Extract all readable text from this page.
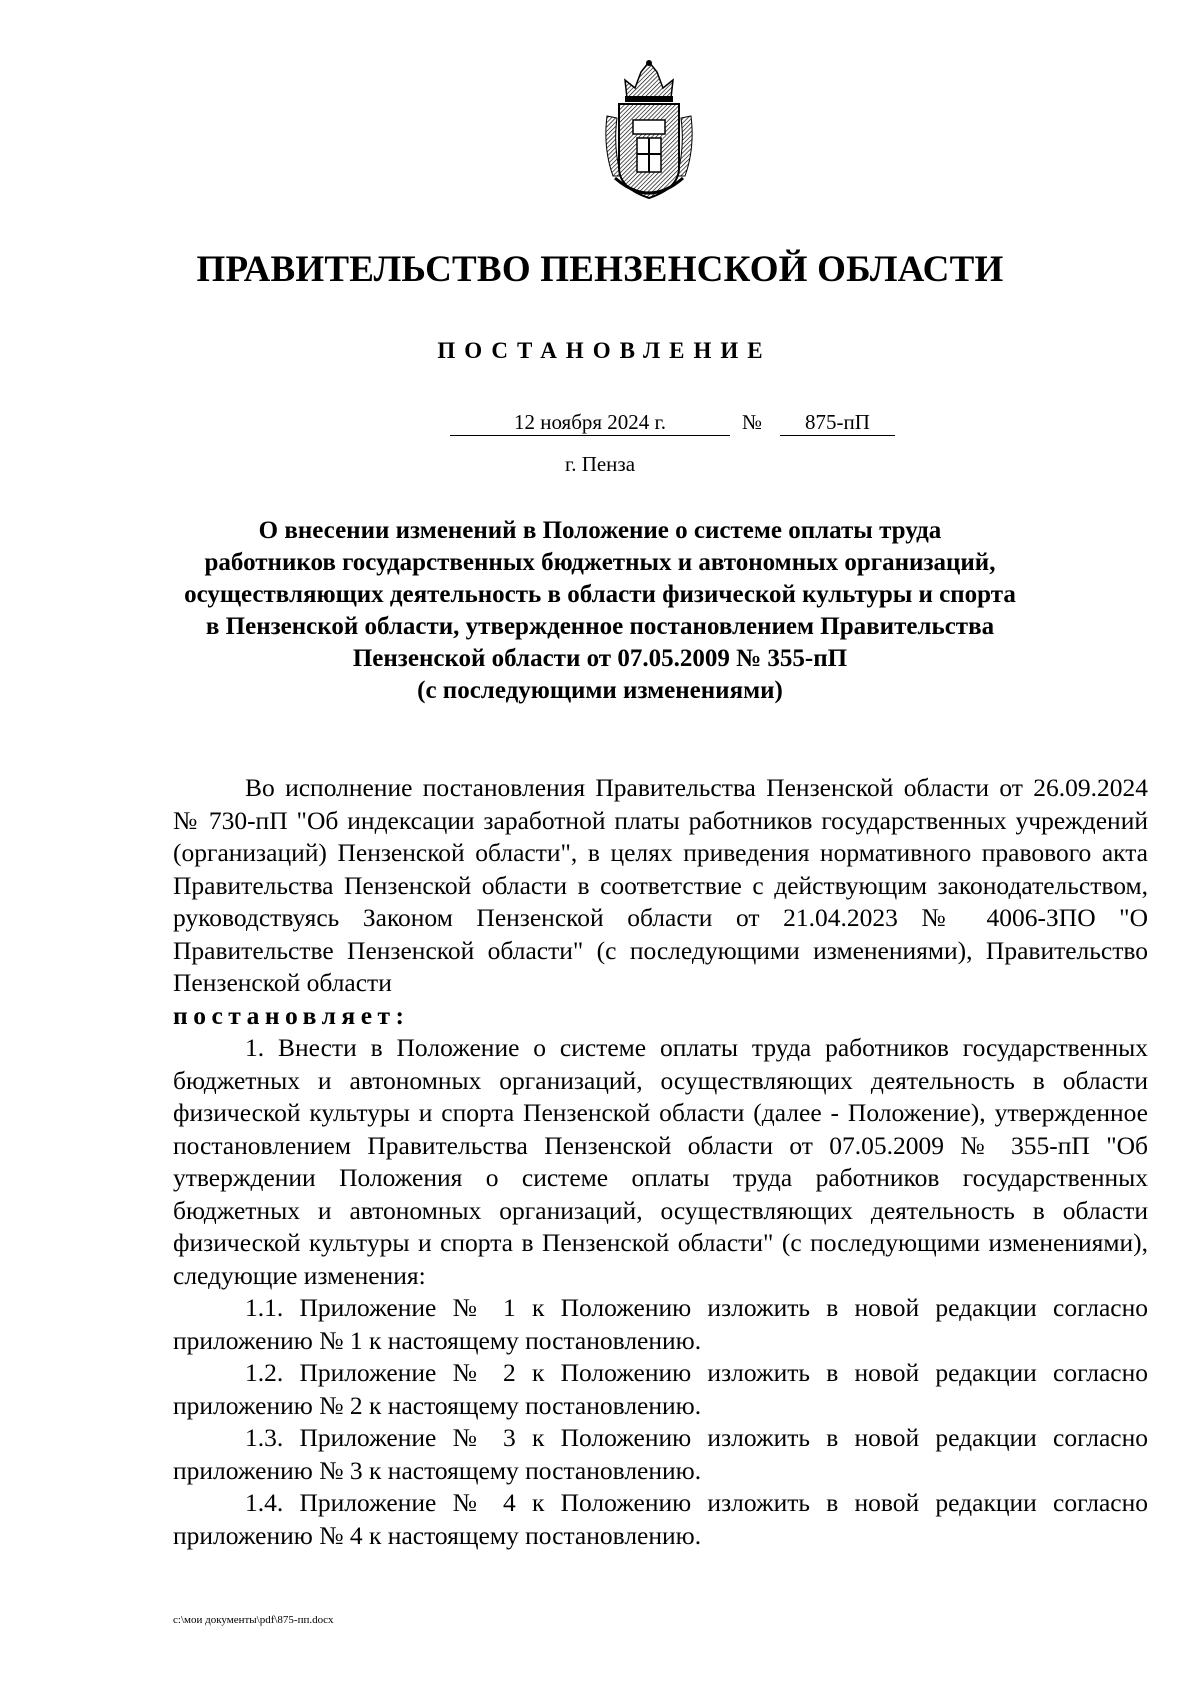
ПРАВИТЕЛЬСТВО ПЕНЗЕНСКОЙ ОБЛАСТИ
ПОСТАНОВЛЕНИЕ
12 ноября 2024 г.	№	875-пП
г. Пенза
О внесении изменений в Положение о системе оплаты труда
работников государственных бюджетных и автономных организаций,
осуществляющих деятельность в области физической культуры и спорта
в Пензенской области, утвержденное постановлением Правительства
Пензенской области от 07.05.2009 № 355-пП
(с последующими изменениями)

Во исполнение постановления Правительства Пензенской области от 26.09.2024 № 730-пП "Об индексации заработной платы работников государственных учреждений (организаций) Пензенской области", в целях приведения нормативного правового акта Правительства Пензенской области в соответствие с действующим законодательством, руководствуясь Законом Пензенской области от 21.04.2023 № 4006-ЗПО "О Правительстве Пензенской области" (с последующими изменениями), Правительство Пензенской области

постановляет:

1. Внести в Положение о системе оплаты труда работников государственных бюджетных и автономных организаций, осуществляющих деятельность в области физической культуры и спорта Пензенской области (далее - Положение), утвержденное постановлением Правительства Пензенской области от 07.05.2009 № 355-пП "Об утверждении Положения о системе оплаты труда работников государственных бюджетных и автономных организаций, осуществляющих деятельность в области физической культуры и спорта в Пензенской области" (с последующими изменениями), следующие изменения:

1.1. Приложение № 1 к Положению изложить в новой редакции согласно приложению № 1 к настоящему постановлению.

1.2. Приложение № 2 к Положению изложить в новой редакции согласно приложению № 2 к настоящему постановлению.

1.3. Приложение № 3 к Положению изложить в новой редакции согласно приложению № 3 к настоящему постановлению.

1.4. Приложение № 4 к Положению изложить в новой редакции согласно приложению № 4 к настоящему постановлению.

c:\мои документы\pdf\875-пп.docx
